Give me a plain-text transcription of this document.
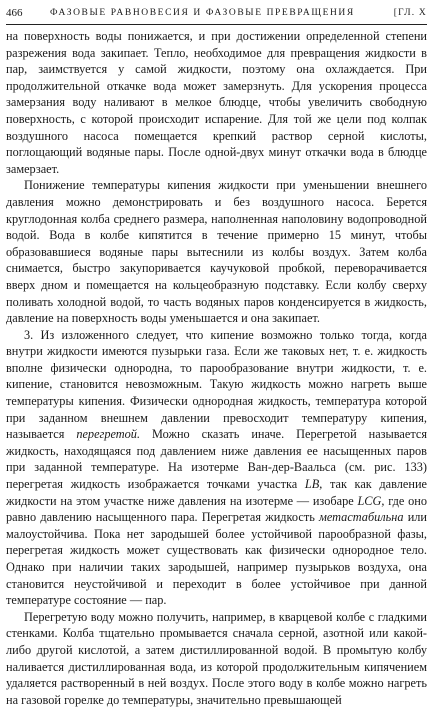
466	ФАЗОВЫЕ РАВНОВЕСИЯ И ФАЗОВЫЕ ПРЕВРАЩЕНИЯ	[ГЛ. X

на поверхность воды понижается, и при достижении определенной степени разрежения вода закипает. Тепло, необходимое для превращения жидкости в пар, заимствуется у самой жидкости, поэтому она охлаждается. При продолжительной откачке вода может замерзнуть. Для ускорения процесса замерзания воду наливают в мелкое блюдце, чтобы увеличить свободную поверхность, с которой происходит испарение. Для той же цели под колпак воздушного насоса помещается крепкий раствор серной кислоты, поглощающий водяные пары. После одной-двух минут откачки вода в блюдце замерзает.

Понижение температуры кипения жидкости при уменьшении внешнего давления можно демонстрировать и без воздушного насоса. Берется круглодонная колба среднего размера, наполненная наполовину водопроводной водой. Вода в колбе кипятится в течение примерно 15 минут, чтобы образовавшиеся водяные пары вытеснили из колбы воздух. Затем колба снимается, быстро закупоривается каучуковой пробкой, переворачивается вверх дном и помещается на кольцеобразную подставку. Если колбу сверху поливать холодной водой, то часть водяных паров конденсируется в жидкость, давление на поверхность воды уменьшается и она закипает.

3. Из изложенного следует, что кипение возможно только тогда, когда внутри жидкости имеются пузырьки газа. Если же таковых нет, т. е. жидкость вполне физически однородна, то парообразование внутри жидкости, т. е. кипение, становится невозможным. Такую жидкость можно нагреть выше температуры кипения. Физически однородная жидкость, температура которой при заданном внешнем давлении превосходит температуру кипения, называется перегретой. Можно сказать иначе. Перегретой называется жидкость, находящаяся под давлением ниже давления ее насыщенных паров при заданной температуре. На изотерме Ван-дер-Ваальса (см. рис. 133) перегретая жидкость изображается точками участка LB, так как давление жидкости на этом участке ниже давления на изотерме — изобаре LCG, где оно равно давлению насыщенного пара. Перегретая жидкость метастабильна или малоустойчива. Пока нет зародышей более устойчивой парообразной фазы, перегретая жидкость может существовать как физически однородное тело. Однако при наличии таких зародышей, например пузырьков воздуха, она становится неустойчивой и переходит в более устойчивое при данной температуре состояние — пар.

Перегретую воду можно получить, например, в кварцевой колбе с гладкими стенками. Колба тщательно промывается сначала серной, азотной или какой-либо другой кислотой, а затем дистиллированной водой. В промытую колбу наливается дистиллированная вода, из которой продолжительным кипячением удаляется растворенный в ней воздух. После этого воду в колбе можно нагреть на газовой горелке до температуры, значительно превышающей
